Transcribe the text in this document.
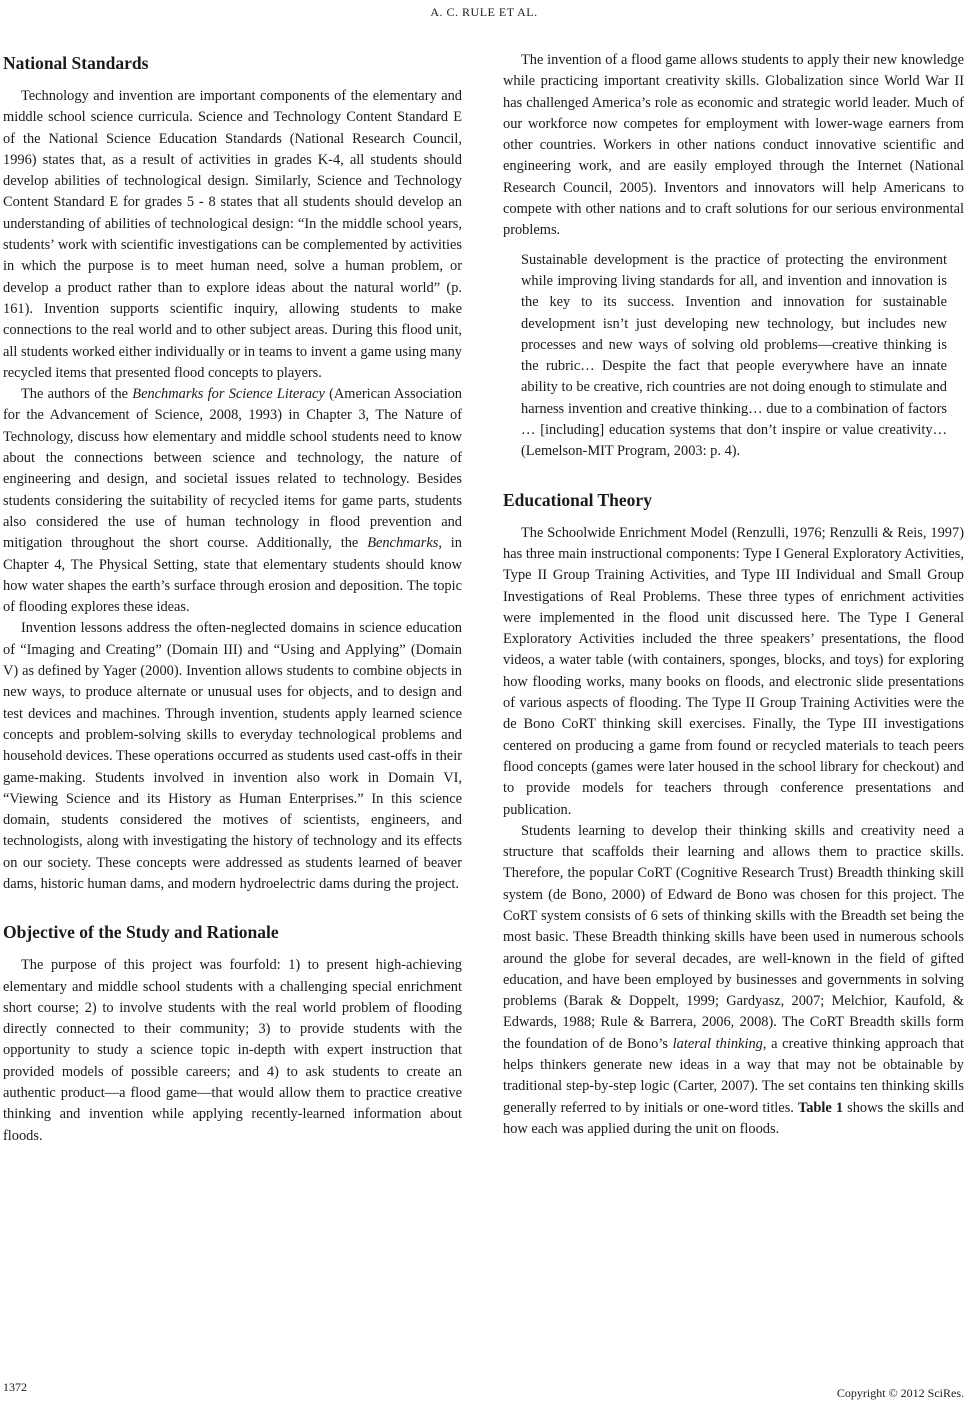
A. C. RULE ET AL.
National Standards

Technology and invention are important components of the elementary and middle school science curricula. Science and Technology Content Standard E of the National Science Education Standards (National Research Council, 1996) states that, as a result of activities in grades K-4, all students should develop abilities of technological design. Similarly, Science and Technology Content Standard E for grades 5 - 8 states that all students should develop an understanding of abilities of technological design: “In the middle school years, students’ work with scientific investigations can be complemented by activities in which the purpose is to meet human need, solve a human problem, or develop a product rather than to explore ideas about the natural world” (p. 161). Invention supports scientific inquiry, allowing students to make connections to the real world and to other subject areas. During this flood unit, all students worked either individually or in teams to invent a game using many recycled items that presented flood concepts to players.

The authors of the Benchmarks for Science Literacy (American Association for the Advancement of Science, 2008, 1993) in Chapter 3, The Nature of Technology, discuss how elementary and middle school students need to know about the connections between science and technology, the nature of engineering and design, and societal issues related to technology. Besides students considering the suitability of recycled items for game parts, students also considered the use of human technology in flood prevention and mitigation throughout the short course. Additionally, the Benchmarks, in Chapter 4, The Physical Setting, state that elementary students should know how water shapes the earth’s surface through erosion and deposition. The topic of flooding explores these ideas.

Invention lessons address the often-neglected domains in science education of “Imaging and Creating” (Domain III) and “Using and Applying” (Domain V) as defined by Yager (2000). Invention allows students to combine objects in new ways, to produce alternate or unusual uses for objects, and to design and test devices and machines. Through invention, students apply learned science concepts and problem-solving skills to everyday technological problems and household devices. These operations occurred as students used cast-offs in their game-making. Students involved in invention also work in Domain VI, “Viewing Science and its History as Human Enterprises.” In this science domain, students considered the motives of scientists, engineers, and technologists, along with investigating the history of technology and its effects on our society. These concepts were addressed as students learned of beaver dams, historic human dams, and modern hydroelectric dams during the project.

Objective of the Study and Rationale

The purpose of this project was fourfold: 1) to present high-achieving elementary and middle school students with a challenging special enrichment short course; 2) to involve students with the real world problem of flooding directly connected to their community; 3) to provide students with the opportunity to study a science topic in-depth with expert instruction that provided models of possible careers; and 4) to ask students to create an authentic product—a flood game—that would allow them to practice creative thinking and invention while applying recently-learned information about floods.

The invention of a flood game allows students to apply their new knowledge while practicing important creativity skills. Globalization since World War II has challenged America’s role as economic and strategic world leader. Much of our workforce now competes for employment with lower-wage earners from other countries. Workers in other nations conduct innovative scientific and engineering work, and are easily employed through the Internet (National Research Council, 2005). Inventors and innovators will help Americans to compete with other nations and to craft solutions for our serious environmental problems.

Sustainable development is the practice of protecting the environment while improving living standards for all, and invention and innovation is the key to its success. Invention and innovation for sustainable development isn’t just developing new technology, but includes new processes and new ways of solving old problems—creative thinking is the rubric… Despite the fact that people everywhere have an innate ability to be creative, rich countries are not doing enough to stimulate and harness invention and creative thinking… due to a combination of factors … [including] education systems that don’t inspire or value creativity… (Lemelson-MIT Program, 2003: p. 4).

Educational Theory

The Schoolwide Enrichment Model (Renzulli, 1976; Renzulli & Reis, 1997) has three main instructional components: Type I General Exploratory Activities, Type II Group Training Activities, and Type III Individual and Small Group Investigations of Real Problems. These three types of enrichment activities were implemented in the flood unit discussed here. The Type I General Exploratory Activities included the three speakers’ presentations, the flood videos, a water table (with containers, sponges, blocks, and toys) for exploring how flooding works, many books on floods, and electronic slide presentations of various aspects of flooding. The Type II Group Training Activities were the de Bono CoRT thinking skill exercises. Finally, the Type III investigations centered on producing a game from found or recycled materials to teach peers flood concepts (games were later housed in the school library for checkout) and to provide models for teachers through conference presentations and publication.

Students learning to develop their thinking skills and creativity need a structure that scaffolds their learning and allows them to practice skills. Therefore, the popular CoRT (Cognitive Research Trust) Breadth thinking skill system (de Bono, 2000) of Edward de Bono was chosen for this project. The CoRT system consists of 6 sets of thinking skills with the Breadth set being the most basic. These Breadth thinking skills have been used in numerous schools around the globe for several decades, are well-known in the field of gifted education, and have been employed by businesses and governments in solving problems (Barak & Doppelt, 1999; Gardyasz, 2007; Melchior, Kaufold, & Edwards, 1988; Rule & Barrera, 2006, 2008). The CoRT Breadth skills form the foundation of de Bono’s lateral thinking, a creative thinking approach that helps thinkers generate new ideas in a way that may not be obtainable by traditional step-by-step logic (Carter, 2007). The set contains ten thinking skills generally referred to by initials or one-word titles. Table 1 shows the skills and how each was applied during the unit on floods.

1372	Copyright © 2012 SciRes.
